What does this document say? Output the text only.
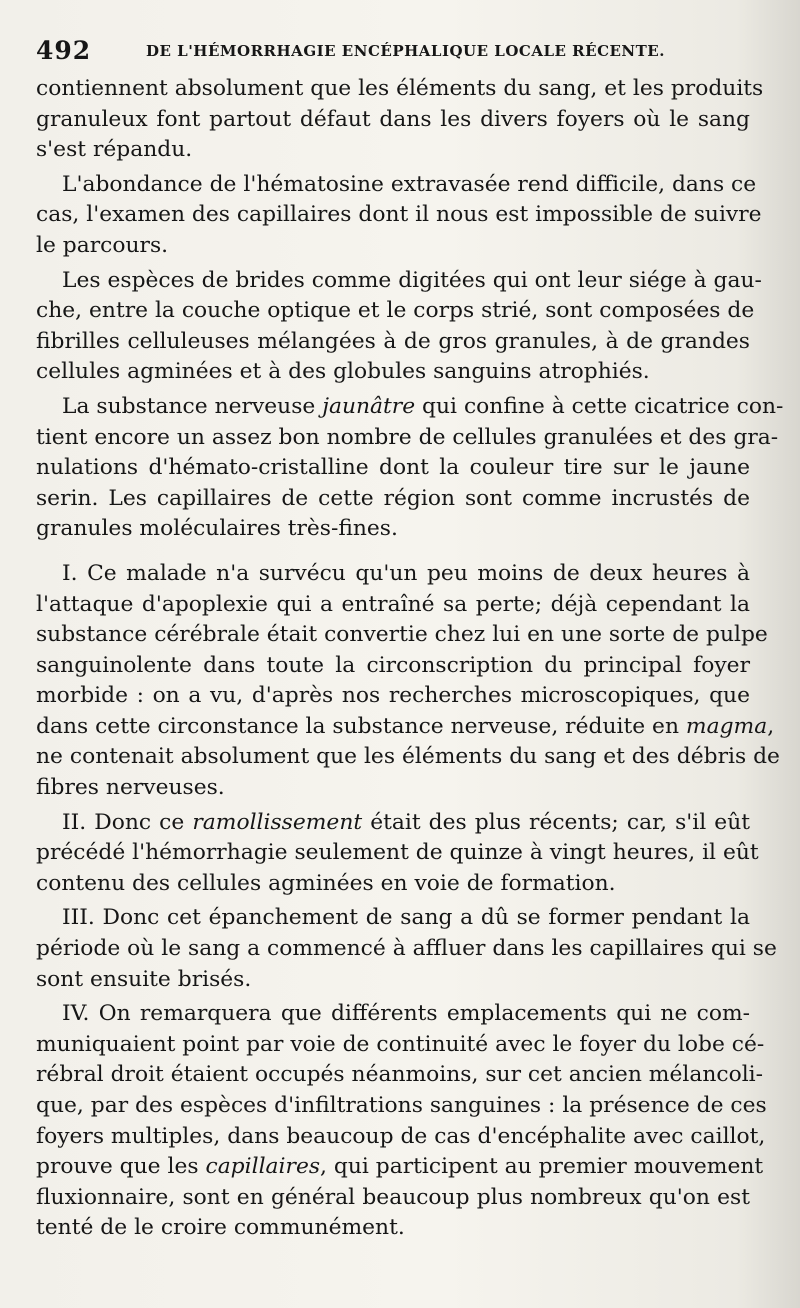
492	DE L'HÉMORRHAGIE ENCÉPHALIQUE LOCALE RÉCENTE.
contiennent absolument que les éléments du sang, et les produits
granuleux font partout défaut dans les divers foyers où le sang
s'est répandu.
L'abondance de l'hématosine extravasée rend difficile, dans ce
cas, l'examen des capillaires dont il nous est impossible de suivre
le parcours.
Les espèces de brides comme digitées qui ont leur siége à gau-
che, entre la couche optique et le corps strié, sont composées de
fibrilles celluleuses mélangées à de gros granules, à de grandes
cellules agminées et à des globules sanguins atrophiés.
La substance nerveuse jaunâtre qui confine à cette cicatrice con-
tient encore un assez bon nombre de cellules granulées et des gra-
nulations d'hémato-cristalline dont la couleur tire sur le jaune
serin. Les capillaires de cette région sont comme incrustés de
granules moléculaires très-fines.
I. Ce malade n'a survécu qu'un peu moins de deux heures à
l'attaque d'apoplexie qui a entraîné sa perte; déjà cependant la
substance cérébrale était convertie chez lui en une sorte de pulpe
sanguinolente dans toute la circonscription du principal foyer
morbide : on a vu, d'après nos recherches microscopiques, que
dans cette circonstance la substance nerveuse, réduite en magma,
ne contenait absolument que les éléments du sang et des débris de
fibres nerveuses.
II. Donc ce ramollissement était des plus récents; car, s'il eût
précédé l'hémorrhagie seulement de quinze à vingt heures, il eût
contenu des cellules agminées en voie de formation.
III. Donc cet épanchement de sang a dû se former pendant la
période où le sang a commencé à affluer dans les capillaires qui se
sont ensuite brisés.
IV. On remarquera que différents emplacements qui ne com-
muniquaient point par voie de continuité avec le foyer du lobe cé-
rébral droit étaient occupés néanmoins, sur cet ancien mélancoli-
que, par des espèces d'infiltrations sanguines : la présence de ces
foyers multiples, dans beaucoup de cas d'encéphalite avec caillot,
prouve que les capillaires, qui participent au premier mouvement
fluxionnaire, sont en général beaucoup plus nombreux qu'on est
tenté de le croire communément.
